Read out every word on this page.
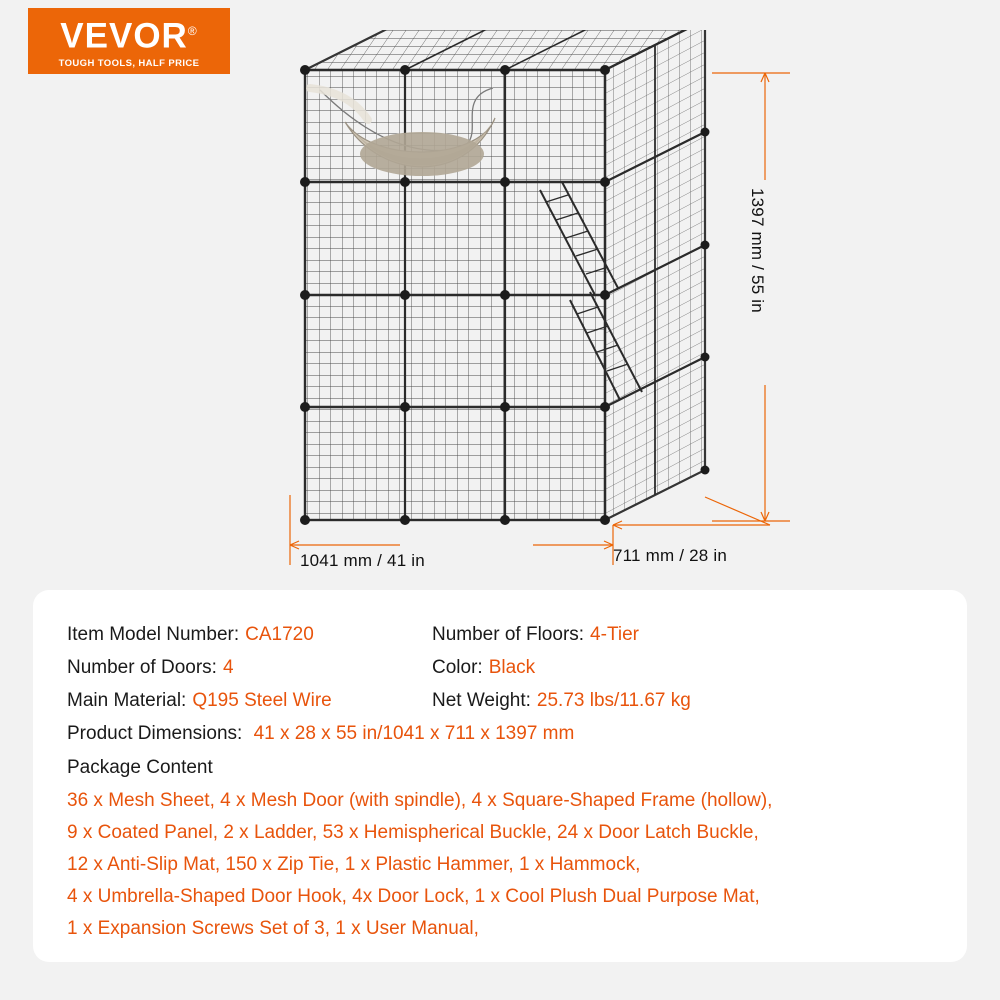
VEVOR®
TOUGH TOOLS, HALF PRICE
1397 mm / 55 in
1041 mm / 41 in	711 mm / 28 in
Item Model Number: CA1720	Number of Floors: 4-Tier
Number of Doors: 4	Color: Black
Main Material: Q195 Steel Wire	Net Weight: 25.73 lbs/11.67 kg
Product Dimensions: 41 x 28 x 55 in/1041 x 711 x 1397 mm
Package Content
36 x Mesh Sheet, 4 x Mesh Door (with spindle), 4 x Square-Shaped Frame (hollow),
9 x Coated Panel, 2 x Ladder, 53 x Hemispherical Buckle, 24 x Door Latch Buckle,
12 x Anti-Slip Mat, 150 x Zip Tie, 1 x Plastic Hammer, 1 x Hammock,
4 x Umbrella-Shaped Door Hook, 4x Door Lock, 1 x Cool Plush Dual Purpose Mat,
1 x Expansion Screws Set of 3, 1 x User Manual,
